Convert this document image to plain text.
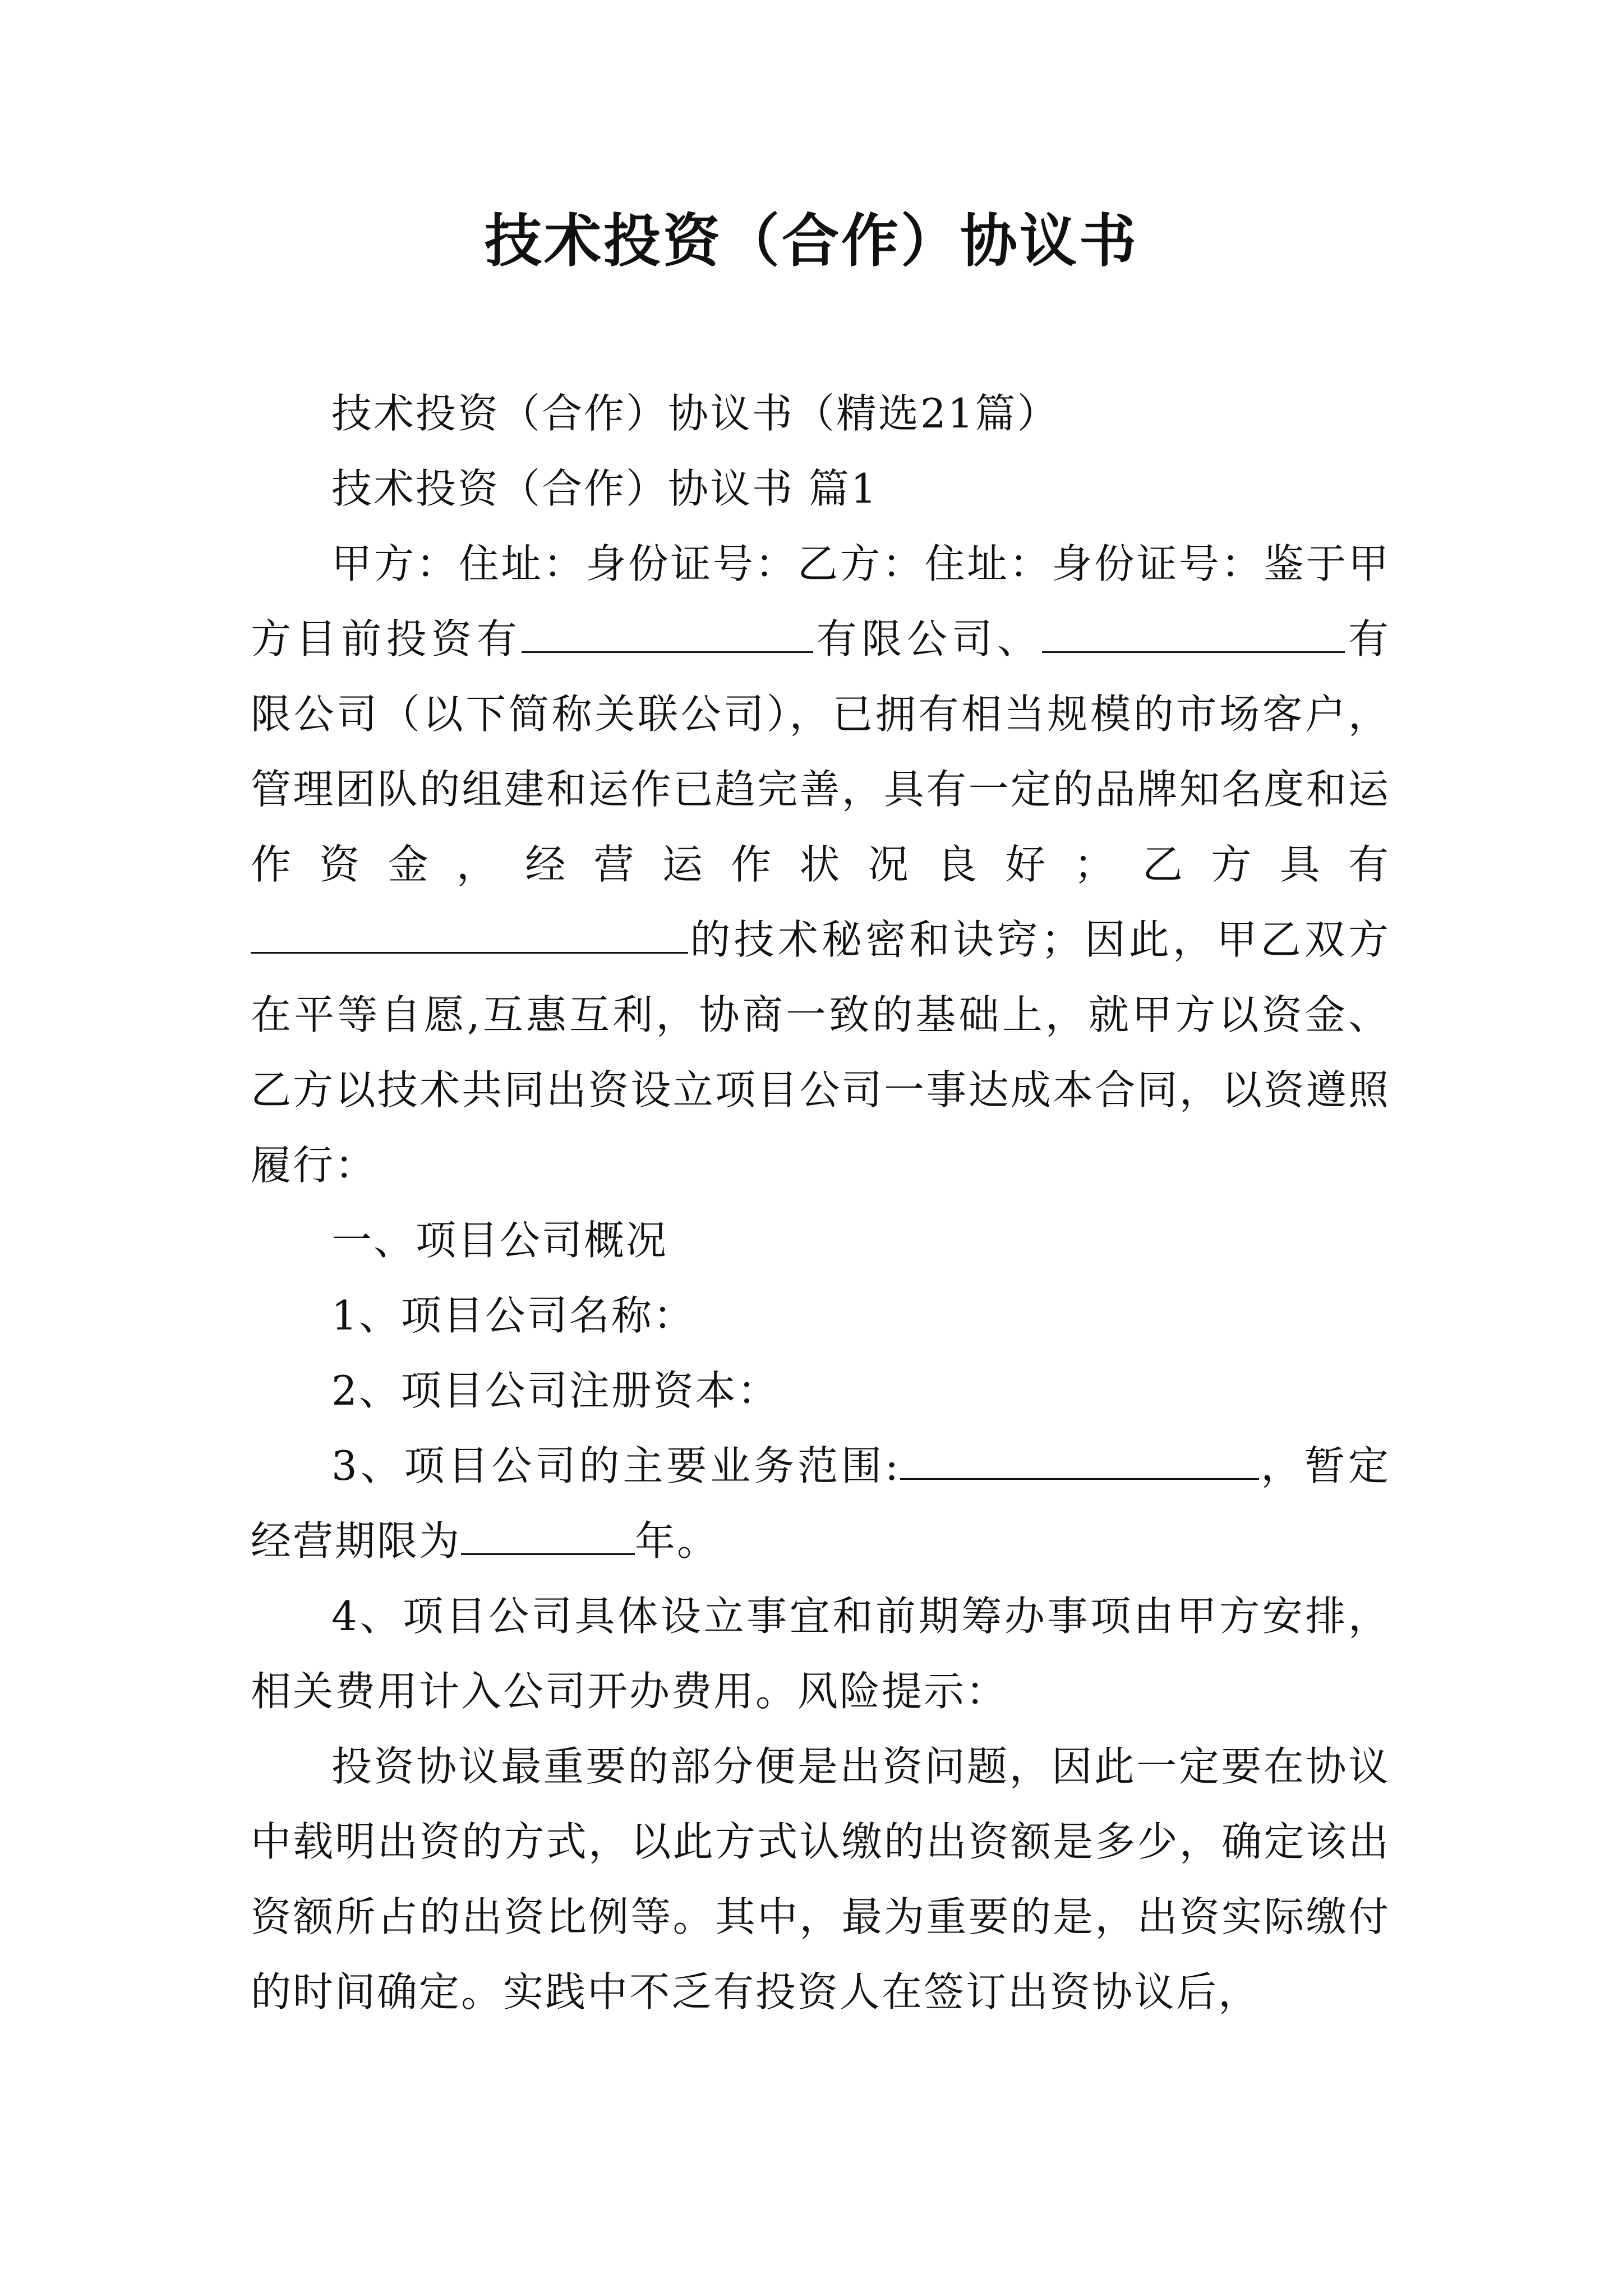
技术投资（合作）协议书

技术投资（合作）协议书（精选21篇）

技术投资（合作）协议书 篇1

甲方：住址：身份证号：乙方：住址：身份证号：鉴于甲方目前投资有	有限公司、	有限公司（以下简称关联公司），已拥有相当规模的市场客户，管理团队的组建和运作已趋完善，具有一定的品牌知名度和运作资金，经营运作状况良好；乙方具有的技术秘密和诀窍；因此，甲乙双方在平等自愿,互惠互利，协商一致的基础上，就甲方以资金、乙方以技术共同出资设立项目公司一事达成本合同，以资遵照履行：

一、项目公司概况

1、项目公司名称：

2、项目公司注册资本：

3、项目公司的主要业务范围:	，暂定经营期限为	年。

4、项目公司具体设立事宜和前期筹办事项由甲方安排，相关费用计入公司开办费用。风险提示：

投资协议最重要的部分便是出资问题，因此一定要在协议中载明出资的方式，以此方式认缴的出资额是多少，确定该出资额所占的出资比例等。其中，最为重要的是，出资实际缴付的时间确定。实践中不乏有投资人在签订出资协议后，
